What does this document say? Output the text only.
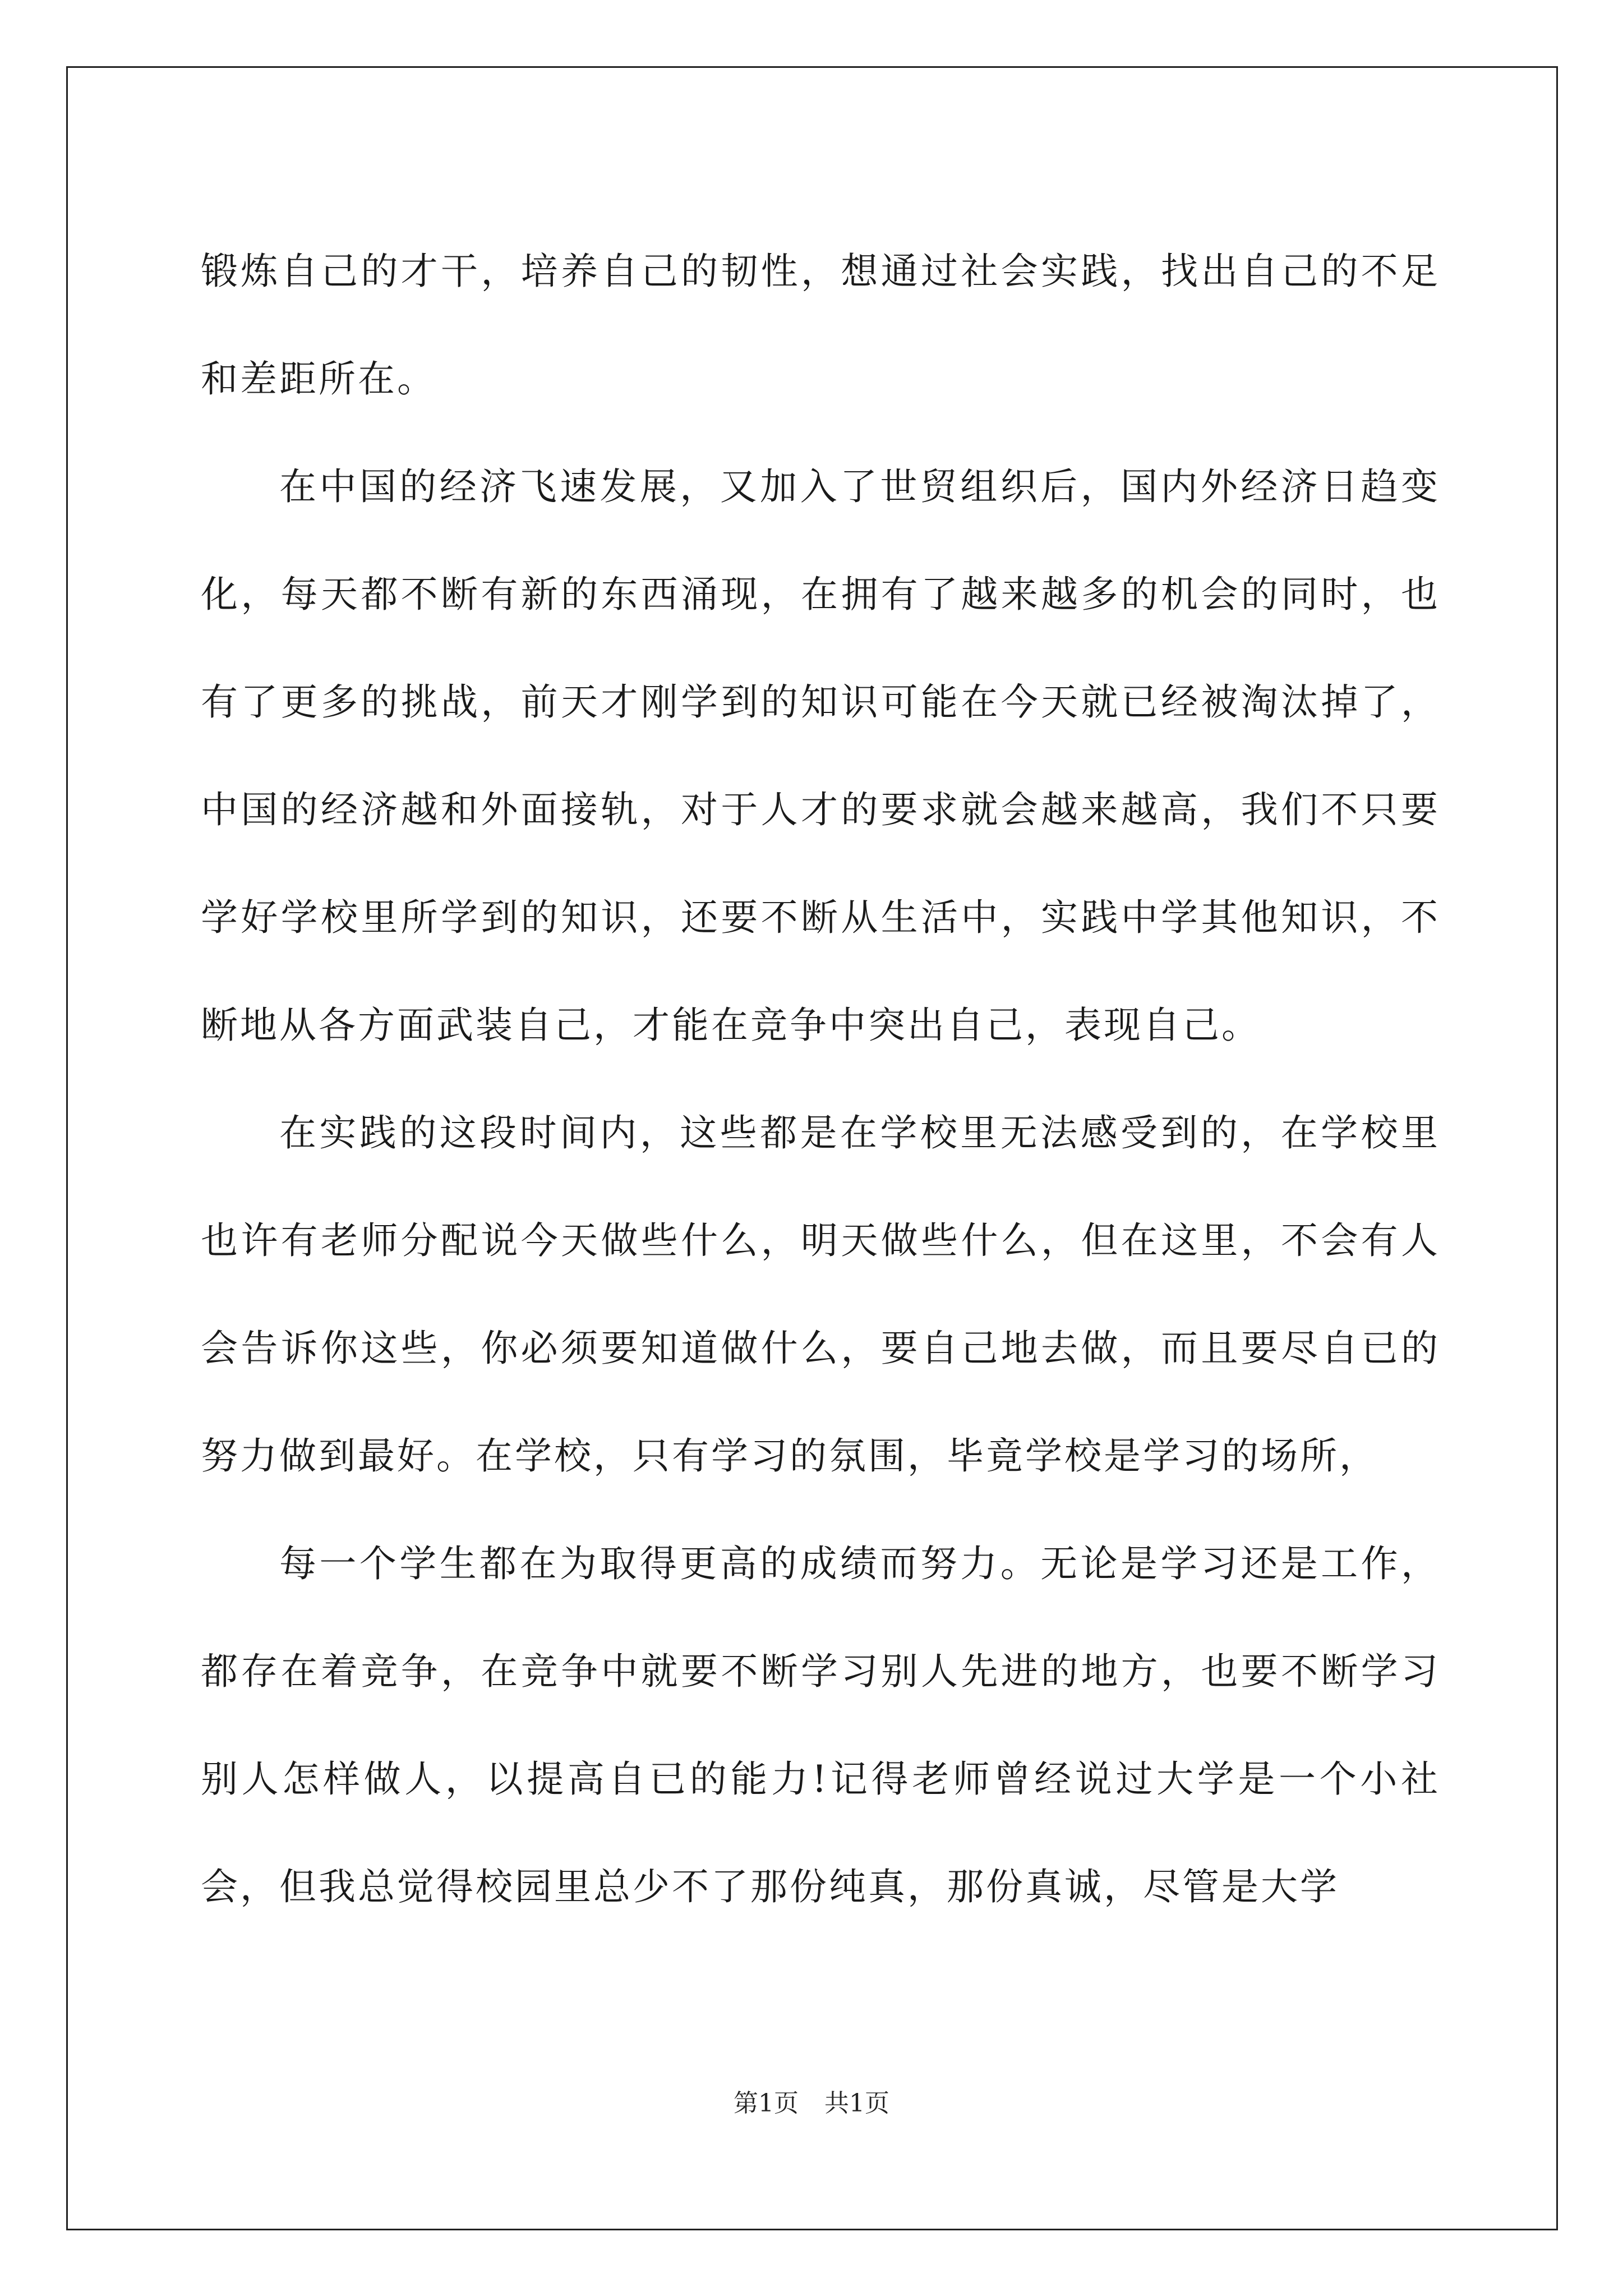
锻炼自己的才干，培养自己的韧性，想通过社会实践，找出自己的不足和差距所在。

在中国的经济飞速发展，又加入了世贸组织后，国内外经济日趋变化，每天都不断有新的东西涌现，在拥有了越来越多的机会的同时，也有了更多的挑战，前天才刚学到的知识可能在今天就已经被淘汰掉了，中国的经济越和外面接轨，对于人才的要求就会越来越高，我们不只要学好学校里所学到的知识，还要不断从生活中，实践中学其他知识，不断地从各方面武装自己，才能在竞争中突出自己，表现自己。

在实践的这段时间内，这些都是在学校里无法感受到的，在学校里也许有老师分配说今天做些什么，明天做些什么，但在这里，不会有人会告诉你这些，你必须要知道做什么，要自己地去做，而且要尽自已的努力做到最好。在学校，只有学习的氛围，毕竟学校是学习的场所，

每一个学生都在为取得更高的成绩而努力。无论是学习还是工作，都存在着竞争，在竞争中就要不断学习别人先进的地方，也要不断学习别人怎样做人，以提高自已的能力!记得老师曾经说过大学是一个小社会，但我总觉得校园里总少不了那份纯真，那份真诚，尽管是大学

第1页 共1页
